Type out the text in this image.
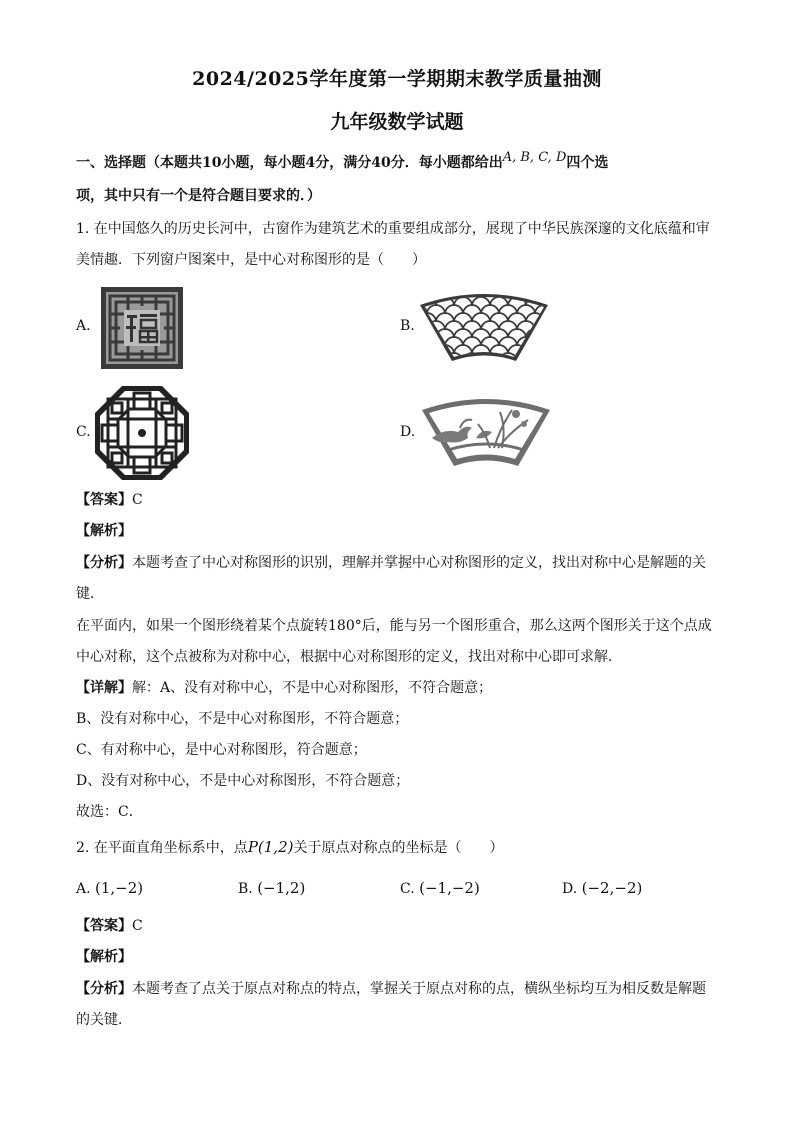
2024/2025学年度第一学期期末教学质量抽测
九年级数学试题
一、选择题（本题共10小题，每小题4分，满分40分．每小题都给出A, B, C, D四个选
项，其中只有一个是符合题目要求的．）
1. 在中国悠久的历史长河中，古窗作为建筑艺术的重要组成部分，展现了中华民族深邃的文化底蕴和审
美情趣．下列窗户图案中，是中心对称图形的是（　　）
A.	B.
C.	D.
【答案】C
【解析】
【分析】本题考查了中心对称图形的识别，理解并掌握中心对称图形的定义，找出对称中心是解题的关
键．
在平面内，如果一个图形绕着某个点旋转180°后，能与另一个图形重合，那么这两个图形关于这个点成
中心对称，这个点被称为对称中心，根据中心对称图形的定义，找出对称中心即可求解．
【详解】解：A、没有对称中心，不是中心对称图形，不符合题意；
B、没有对称中心，不是中心对称图形，不符合题意；
C、有对称中心，是中心对称图形，符合题意；
D、没有对称中心，不是中心对称图形，不符合题意；
故选：C．
2. 在平面直角坐标系中，点P(1,2)关于原点对称点的坐标是（　　）
A. (1,−2)	B. (−1,2)	C. (−1,−2)	D. (−2,−2)
【答案】C
【解析】
【分析】本题考查了点关于原点对称点的特点，掌握关于原点对称的点，横纵坐标均互为相反数是解题
的关键．
